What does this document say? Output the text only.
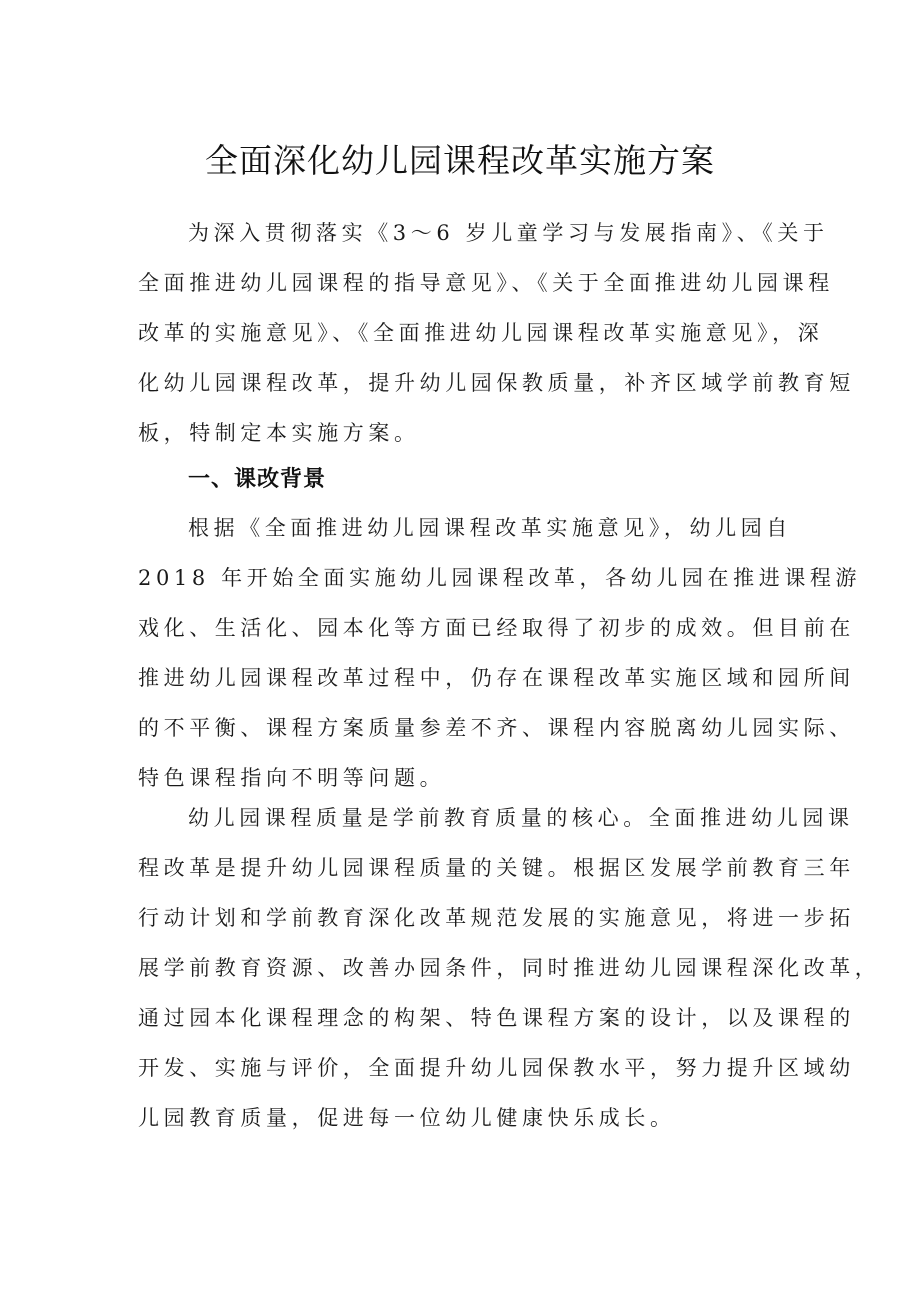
全面深化幼儿园课程改革实施方案
为深入贯彻落实《3〜6 岁儿童学习与发展指南》、《关于
全面推进幼儿园课程的指导意见》、《关于全面推进幼儿园课程
改革的实施意见》、《全面推进幼儿园课程改革实施意见》，深
化幼儿园课程改革，提升幼儿园保教质量，补齐区域学前教育短
板，特制定本实施方案。
一、课改背景
根据《全面推进幼儿园课程改革实施意见》，幼儿园自
2018 年开始全面实施幼儿园课程改革，各幼儿园在推进课程游
戏化、生活化、园本化等方面已经取得了初步的成效。但目前在
推进幼儿园课程改革过程中，仍存在课程改革实施区域和园所间
的不平衡、课程方案质量参差不齐、课程内容脱离幼儿园实际、
特色课程指向不明等问题。
幼儿园课程质量是学前教育质量的核心。全面推进幼儿园课
程改革是提升幼儿园课程质量的关键。根据区发展学前教育三年
行动计划和学前教育深化改革规范发展的实施意见，将进一步拓
展学前教育资源、改善办园条件，同时推进幼儿园课程深化改革，
通过园本化课程理念的构架、特色课程方案的设计，以及课程的
开发、实施与评价，全面提升幼儿园保教水平，努力提升区域幼
儿园教育质量，促进每一位幼儿健康快乐成长。
